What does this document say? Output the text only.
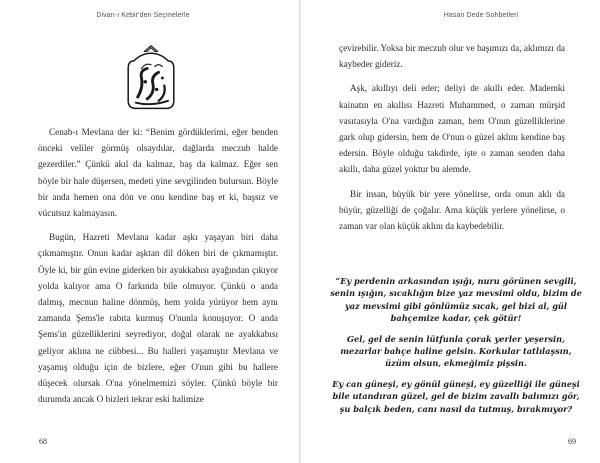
Divan-ı Kebir'den Seçmelerle

Cenab-ı Mevlana der ki: “Benim gördüklerimi, eğer benden önceki veliler görmüş olsaydılar, dağlarda meczub halde gezerdiler.” Çünkü akıl da kalmaz, baş da kalmaz. Eğer sen böyle bir hale düşersen, medeti yine sevgilinden bulursun. Böyle bir anda hemen ona dön ve onu kendine baş et ki, başsız ve vücutsuz kalmayasın.

Bugün, Hazreti Mevlana kadar aşkı yaşayan biri daha çıkmamıştır. Onun kadar aşktan dil döken biri de çıkmamıştır. Öyle ki, bir gün evine giderken bir ayakkabısı ayağından çıkıyor yolda kalıyor ama O farkında bile olmuyor. Çünkü o anda dalmış, mecnun haline dönmüş, hem yolda yürüyor hem aynı zamanda Şems'le rabıta kurmuş O'nunla konuşuyor. O anda Şems'in güzelliklerini seyrediyor, doğal olarak ne ayakkabısı geliyor aklına ne cübbesi... Bu halleri yaşamıştır Mevlana ve yaşamış olduğu için de bizlere, eğer O'nun gibi bu hallere düşecek olursak O'na yönelmemizi söyler. Çünkü böyle bir durumda ancak O bizleri tekrar eski halimize

68
Hasan Dede Sohbetleri

çevirebilir. Yoksa bir meczub olur ve başımızı da, aklımızı da kaybeder gideriz.

Aşk, akıllıyı deli eder; deliyi de akıllı eder. Mademki kainatın en akıllısı Hazreti Muhammed, o zaman mürşid vasıtasıyla O'na vardığın zaman, hem O'nun güzelliklerine gark olup gidersin, hem de O'nun o güzel aklını kendine baş edersin. Böyle olduğu takdirde, işte o zaman senden daha akıllı, daha güzel yoktur bu alemde.

Bir insan, büyük bir yere yönelirse, orda onun aklı da büyür, güzelliği de çoğalır. Ama küçük yerlere yönelirse, o zaman var olan küçük aklını da kaybedebilir.

“Ey perdenin arkasından ışığı, nuru görünen sevgili, senin ışığın, sıcaklığın bize yaz mevsimi oldu, bizim de yaz mevsimi gibi gönlümüz sıcak, gel bizi al, gül bahçemize kadar, çek götür!

Gel, gel de senin lütfunla çorak yerler yeşersin, mezarlar bahçe haline gelsin. Korkular tatlılaşsın, üzüm olsun, ekmeğimiz pişsin.

Ey can güneşi, ey gönül güneşi, ey güzelliği ile güneşi bile utandıran güzel, gel de bizim zavallı balımızı gör, şu balçık beden, canı nasıl da tutmuş, bırakmıyor?

69
